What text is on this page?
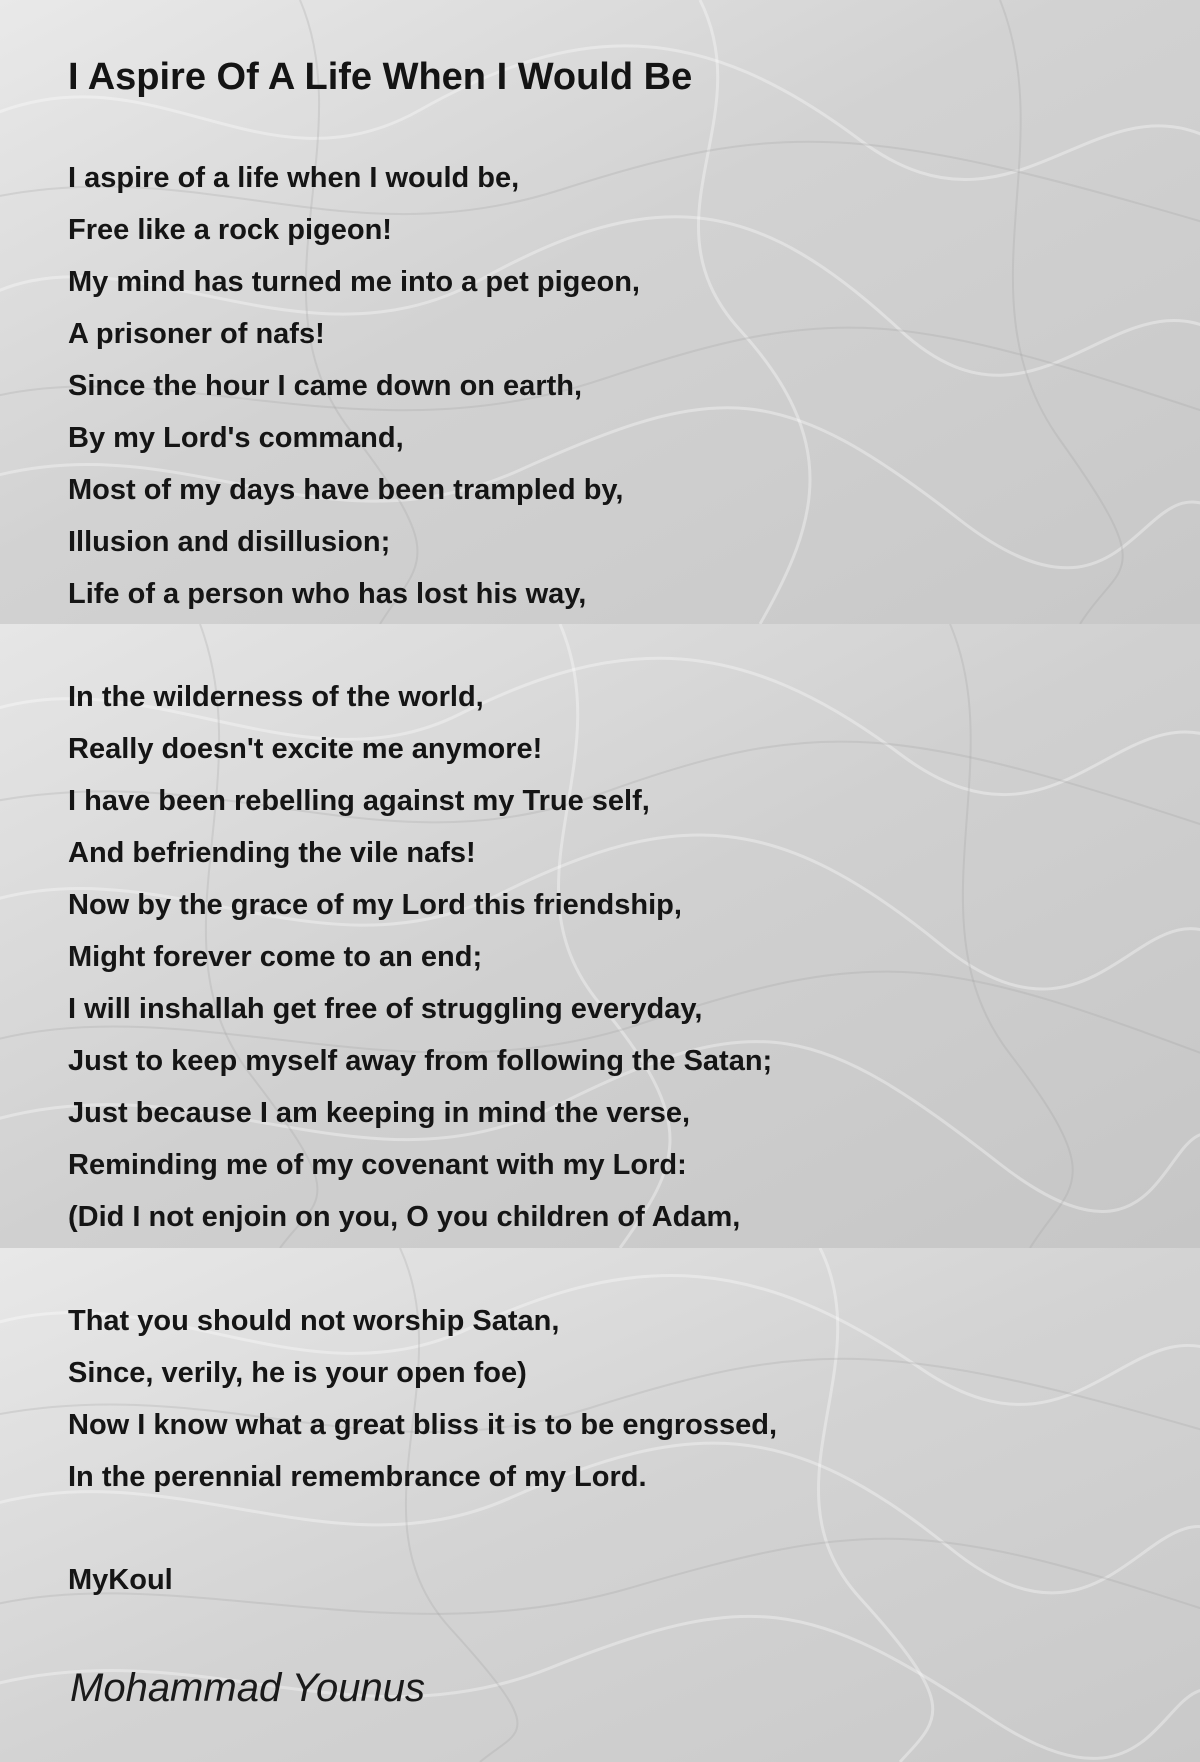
I Aspire Of A Life When I Would Be
I aspire of a life when I would be,
Free like a rock pigeon!
My mind has turned me into a pet pigeon,
A prisoner of nafs!
Since the hour I came down on earth,
By my Lord's command,
Most of my days have been trampled by,
Illusion and disillusion;
Life of a person who has lost his way,
In the wilderness of the world,
Really doesn't excite me anymore!
I have been rebelling against my True self,
And befriending the vile nafs!
Now by the grace of my Lord this friendship,
Might forever come to an end;
I will inshallah get free of struggling everyday,
Just to keep myself away from following the Satan;
Just because I am keeping in mind the verse,
Reminding me of my covenant with my Lord:
(Did I not enjoin on you, O you children of Adam,
That you should not worship Satan,
Since, verily, he is your open foe)
Now I know what a great bliss it is to be engrossed,
In the perennial remembrance of my Lord.
MyKoul
Mohammad Younus
